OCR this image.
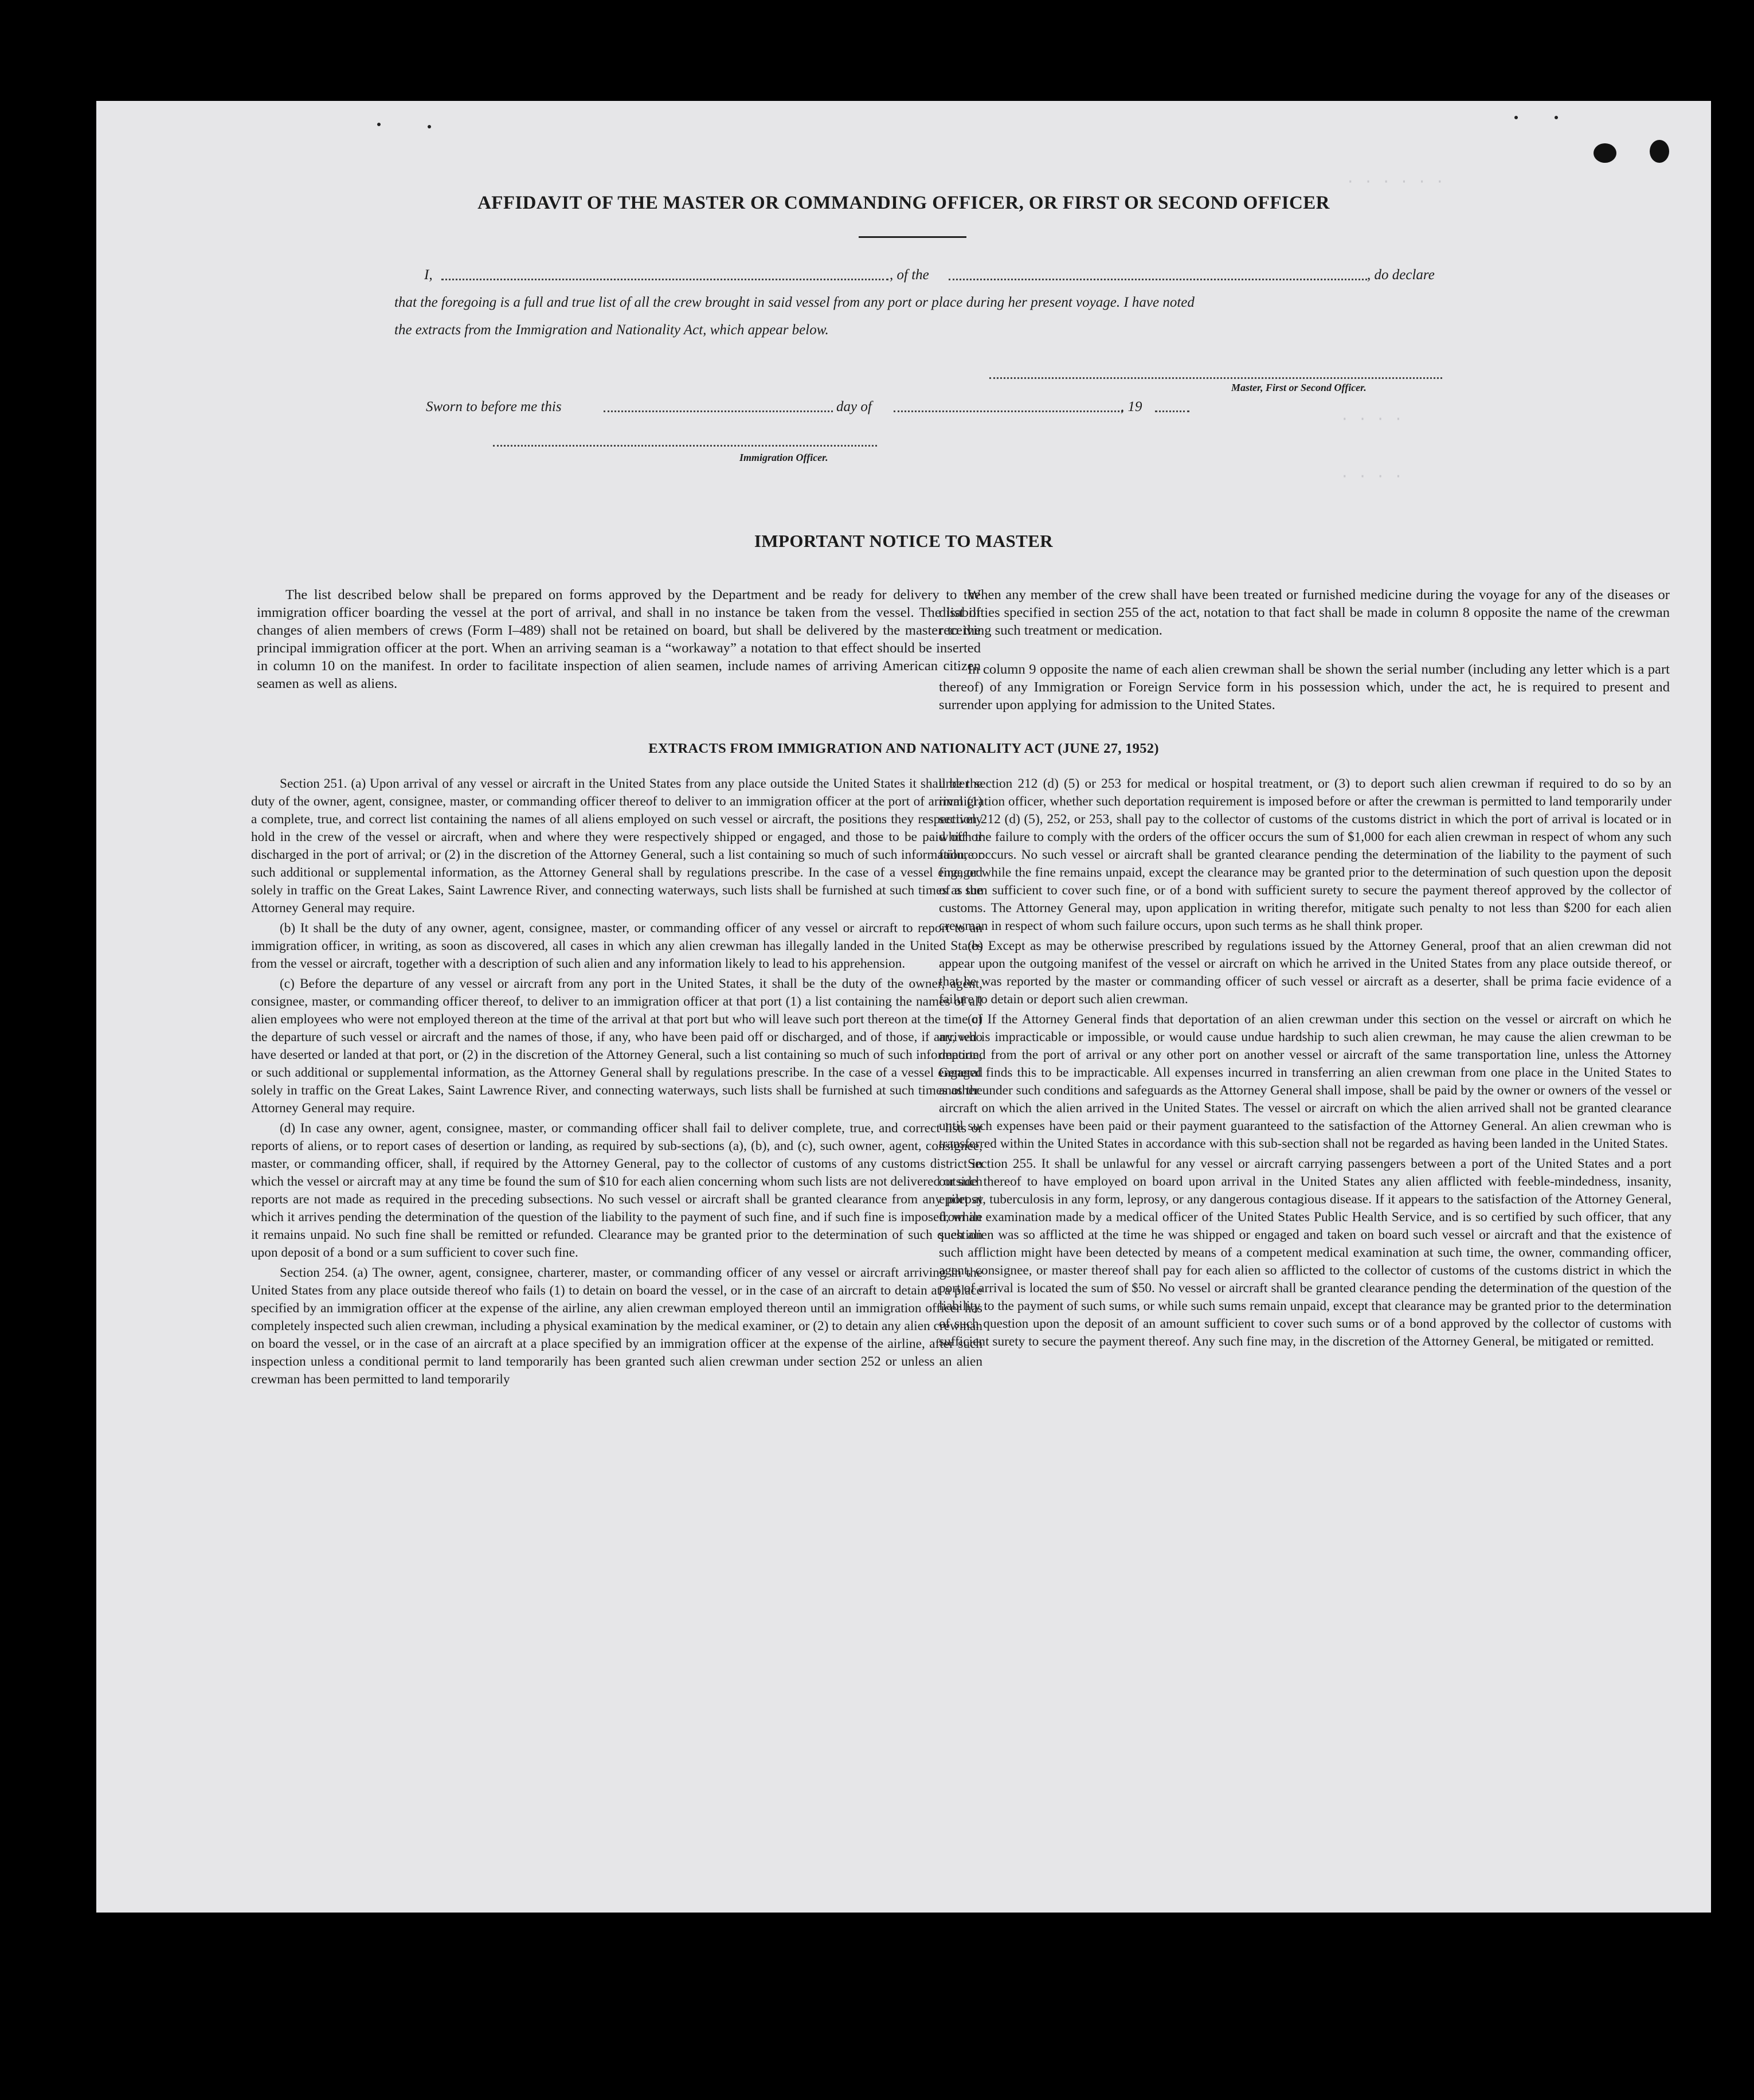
· · · · · ·
· · · ·
· · · ·
AFFIDAVIT OF THE MASTER OR COMMANDING OFFICER, OR FIRST OR SECOND OFFICER
I,	, of the	, do declare
that the foregoing is a full and true list of all the crew brought in said vessel from any port or place during her present voyage. I have noted
the extracts from the Immigration and Nationality Act, which appear below.
Master, First or Second Officer.
Sworn to before me this	day of	, 19
Immigration Officer.
IMPORTANT NOTICE TO MASTER

The list described below shall be prepared on forms approved by the Department and be ready for delivery to the immigration officer boarding the vessel at the port of arrival, and shall in no instance be taken from the vessel. The list of changes of alien members of crews (Form I–489) shall not be retained on board, but shall be delivered by the master to the principal immigration officer at the port. When an arriving seaman is a “workaway” a notation to that effect should be inserted in column 10 on the manifest. In order to facilitate inspection of alien seamen, include names of arriving American citizen seamen as well as aliens.

When any member of the crew shall have been treated or furnished medicine during the voyage for any of the diseases or disabilities specified in section 255 of the act, notation to that fact shall be made in column 8 opposite the name of the crewman receiving such treatment or medication.

In column 9 opposite the name of each alien crewman shall be shown the serial number (including any letter which is a part thereof) of any Immigration or Foreign Service form in his possession which, under the act, he is required to present and surrender upon applying for admission to the United States.

EXTRACTS FROM IMMIGRATION AND NATIONALITY ACT (JUNE 27, 1952)

Section 251. (a) Upon arrival of any vessel or aircraft in the United States from any place outside the United States it shall be the duty of the owner, agent, consignee, master, or commanding officer thereof to deliver to an immigration officer at the port of arrival (1) a complete, true, and correct list containing the names of all aliens employed on such vessel or aircraft, the positions they respectively hold in the crew of the vessel or aircraft, when and where they were respectively shipped or engaged, and those to be paid off or discharged in the port of arrival; or (2) in the discretion of the Attorney General, such a list containing so much of such information, or such additional or supplemental information, as the Attorney General shall by regulations prescribe. In the case of a vessel engaged solely in traffic on the Great Lakes, Saint Lawrence River, and connecting waterways, such lists shall be furnished at such times as the Attorney General may require.

(b) It shall be the duty of any owner, agent, consignee, master, or commanding officer of any vessel or aircraft to report to an immigration officer, in writing, as soon as discovered, all cases in which any alien crewman has illegally landed in the United States from the vessel or aircraft, together with a description of such alien and any information likely to lead to his apprehension.

(c) Before the departure of any vessel or aircraft from any port in the United States, it shall be the duty of the owner, agent, consignee, master, or commanding officer thereof, to deliver to an immigration officer at that port (1) a list containing the names of all alien employees who were not employed thereon at the time of the arrival at that port but who will leave such port thereon at the time of the departure of such vessel or aircraft and the names of those, if any, who have been paid off or discharged, and of those, if any, who have deserted or landed at that port, or (2) in the discretion of the Attorney General, such a list containing so much of such information, or such additional or supplemental information, as the Attorney General shall by regulations prescribe. In the case of a vessel engaged solely in traffic on the Great Lakes, Saint Lawrence River, and connecting waterways, such lists shall be furnished at such times as the Attorney General may require.

(d) In case any owner, agent, consignee, master, or commanding officer shall fail to deliver complete, true, and correct lists or reports of aliens, or to report cases of desertion or landing, as required by sub-sections (a), (b), and (c), such owner, agent, consignee, master, or commanding officer, shall, if required by the Attorney General, pay to the collector of customs of any customs district in which the vessel or aircraft may at any time be found the sum of $10 for each alien concerning whom such lists are not delivered or such reports are not made as required in the preceding subsections. No such vessel or aircraft shall be granted clearance from any port at which it arrives pending the determination of the question of the liability to the payment of such fine, and if such fine is imposed, while it remains unpaid. No such fine shall be remitted or refunded. Clearance may be granted prior to the determination of such question upon deposit of a bond or a sum sufficient to cover such fine.

Section 254. (a) The owner, agent, consignee, charterer, master, or commanding officer of any vessel or aircraft arriving in the United States from any place outside thereof who fails (1) to detain on board the vessel, or in the case of an aircraft to detain at a place specified by an immigration officer at the expense of the airline, any alien crewman employed thereon until an immigration officer has completely inspected such alien crewman, including a physical examination by the medical examiner, or (2) to detain any alien crewman on board the vessel, or in the case of an aircraft at a place specified by an immigration officer at the expense of the airline, after such inspection unless a conditional permit to land temporarily has been granted such alien crewman under section 252 or unless an alien crewman has been permitted to land temporarily

under section 212 (d) (5) or 253 for medical or hospital treatment, or (3) to deport such alien crewman if required to do so by an immigration officer, whether such deportation requirement is imposed before or after the crewman is permitted to land temporarily under section 212 (d) (5), 252, or 253, shall pay to the collector of customs of the customs district in which the port of arrival is located or in which the failure to comply with the orders of the officer occurs the sum of $1,000 for each alien crewman in respect of whom any such failure occurs. No such vessel or aircraft shall be granted clearance pending the determination of the liability to the payment of such fine, or while the fine remains unpaid, except the clearance may be granted prior to the determination of such question upon the deposit of a sum sufficient to cover such fine, or of a bond with sufficient surety to secure the payment thereof approved by the collector of customs. The Attorney General may, upon application in writing therefor, mitigate such penalty to not less than $200 for each alien crewman in respect of whom such failure occurs, upon such terms as he shall think proper.

(b) Except as may be otherwise prescribed by regulations issued by the Attorney General, proof that an alien crewman did not appear upon the outgoing manifest of the vessel or aircraft on which he arrived in the United States from any place outside thereof, or that he was reported by the master or commanding officer of such vessel or aircraft as a deserter, shall be prima facie evidence of a failure to detain or deport such alien crewman.

(c) If the Attorney General finds that deportation of an alien crewman under this section on the vessel or aircraft on which he arrived is impracticable or impossible, or would cause undue hardship to such alien crewman, he may cause the alien crewman to be deported from the port of arrival or any other port on another vessel or aircraft of the same transportation line, unless the Attorney General finds this to be impracticable. All expenses incurred in transferring an alien crewman from one place in the United States to another under such conditions and safeguards as the Attorney General shall impose, shall be paid by the owner or owners of the vessel or aircraft on which the alien arrived in the United States. The vessel or aircraft on which the alien arrived shall not be granted clearance until such expenses have been paid or their payment guaranteed to the satisfaction of the Attorney General. An alien crewman who is transferred within the United States in accordance with this sub-section shall not be regarded as having been landed in the United States.

Section 255. It shall be unlawful for any vessel or aircraft carrying passengers between a port of the United States and a port outside thereof to have employed on board upon arrival in the United States any alien afflicted with feeble-mindedness, insanity, epilepsy, tuberculosis in any form, leprosy, or any dangerous contagious disease. If it appears to the satisfaction of the Attorney General, from an examination made by a medical officer of the United States Public Health Service, and is so certified by such officer, that any such alien was so afflicted at the time he was shipped or engaged and taken on board such vessel or aircraft and that the existence of such affliction might have been detected by means of a competent medical examination at such time, the owner, commanding officer, agent, consignee, or master thereof shall pay for each alien so afflicted to the collector of customs of the customs district in which the port of arrival is located the sum of $50. No vessel or aircraft shall be granted clearance pending the determination of the question of the liability to the payment of such sums, or while such sums remain unpaid, except that clearance may be granted prior to the determination of such question upon the deposit of an amount sufficient to cover such sums or of a bond approved by the collector of customs with sufficient surety to secure the payment thereof. Any such fine may, in the discretion of the Attorney General, be mitigated or remitted.
